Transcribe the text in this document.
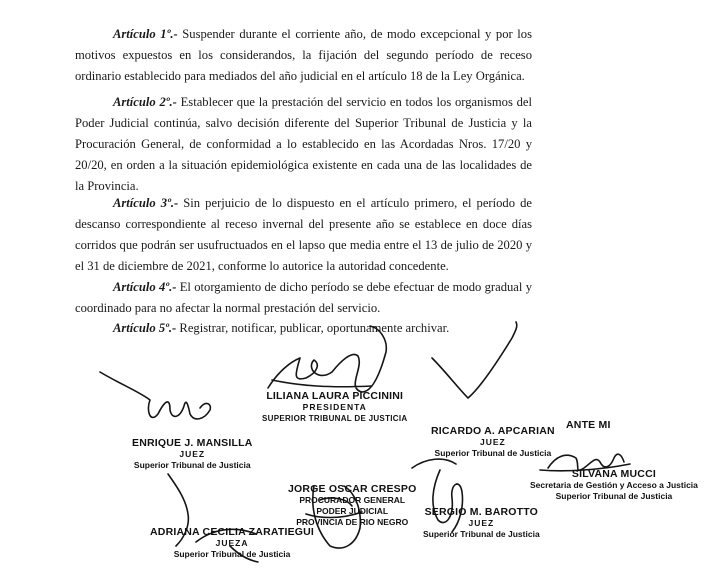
Artículo 1º.- Suspender durante el corriente año, de modo excepcional y por los motivos expuestos en los considerandos, la fijación del segundo período de receso ordinario establecido para mediados del año judicial en el artículo 18 de la Ley Orgánica.

Artículo 2º.- Establecer que la prestación del servicio en todos los organismos del Poder Judicial continúa, salvo decisión diferente del Superior Tribunal de Justicia y la Procuración General, de conformidad a lo establecido en las Acordadas Nros. 17/20 y 20/20, en orden a la situación epidemiológica existente en cada una de las localidades de la Provincia.

Artículo 3º.- Sin perjuicio de lo dispuesto en el artículo primero, el período de descanso correspondiente al receso invernal del presente año se establece en doce días corridos que podrán ser usufructuados en el lapso que media entre el 13 de julio de 2020 y el 31 de diciembre de 2021, conforme lo autorice la autoridad concedente.

Artículo 4º.- El otorgamiento de dicho período se debe efectuar de modo gradual y coordinado para no afectar la normal prestación del servicio.

Artículo 5º.- Registrar, notificar, publicar, oportunamente archivar.

LILIANA LAURA PICCININI
PRESIDENTA
SUPERIOR TRIBUNAL DE JUSTICIA
ENRIQUE J. MANSILLA
JUEZ
Superior Tribunal de Justicia
RICARDO A. APCARIAN
JUEZ
Superior Tribunal de Justicia
ANTE MI
SILVANA MUCCI
Secretaria de Gestión y Acceso a Justicia
Superior Tribunal de Justicia
JORGE OSCAR CRESPO
PROCURADOR GENERAL
PODER JUDICIAL
PROVINCIA DE RIO NEGRO
SERGIO M. BAROTTO
JUEZ
Superior Tribunal de Justicia
ADRIANA CECILIA ZARATIEGUI
JUEZA
Superior Tribunal de Justicia
